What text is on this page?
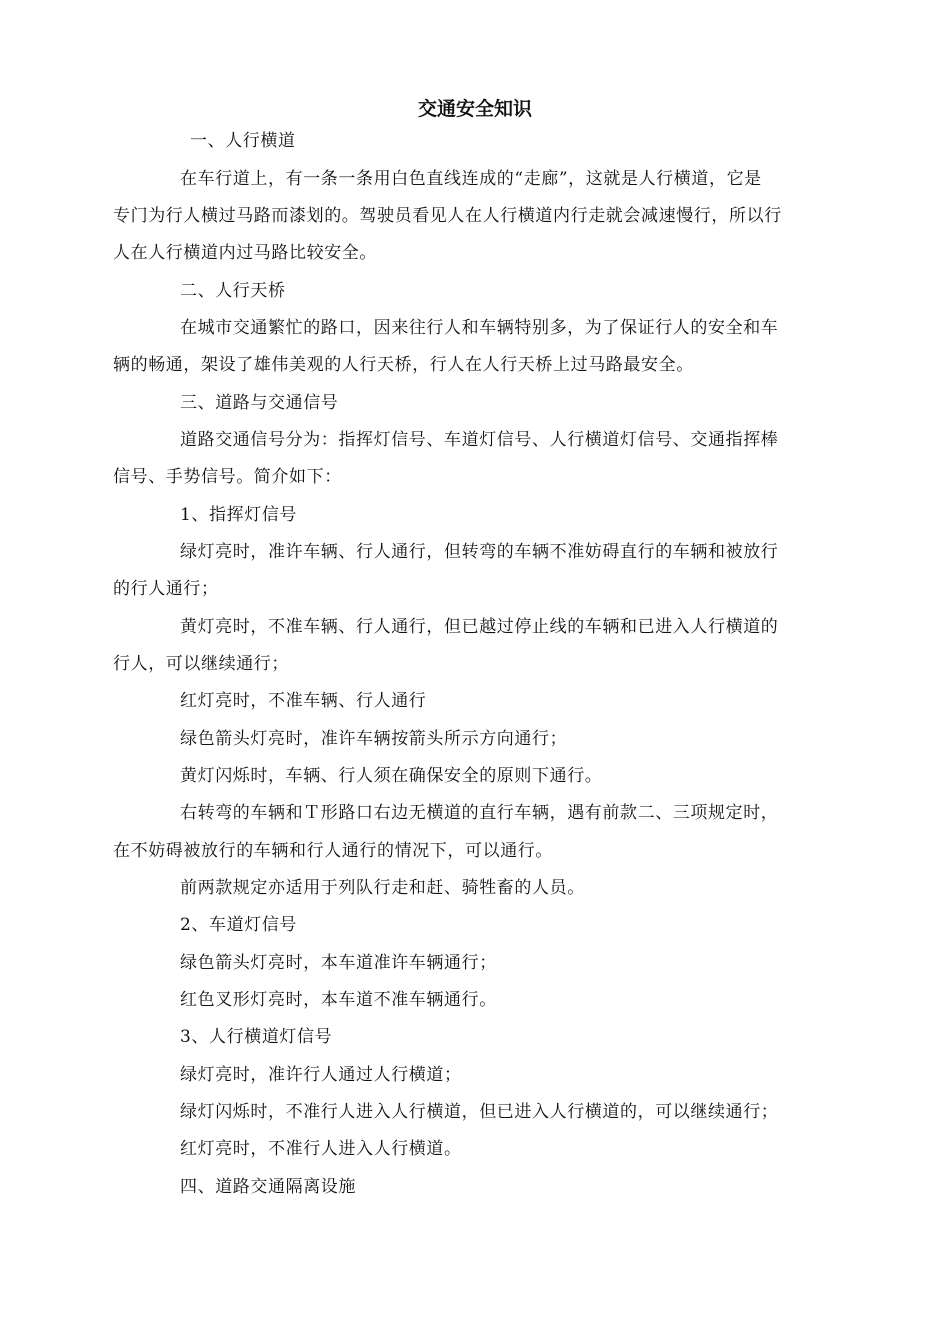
交通安全知识
一、人行横道
在车行道上，有一条一条用白色直线连成的“走廊”，这就是人行横道，它是
专门为行人横过马路而漆划的。驾驶员看见人在人行横道内行走就会减速慢行，所以行
人在人行横道内过马路比较安全。
二、人行天桥
在城市交通繁忙的路口，因来往行人和车辆特别多，为了保证行人的安全和车
辆的畅通，架设了雄伟美观的人行天桥，行人在人行天桥上过马路最安全。
三、道路与交通信号
道路交通信号分为：指挥灯信号、车道灯信号、人行横道灯信号、交通指挥棒
信号、手势信号。简介如下：
1、指挥灯信号
绿灯亮时，准许车辆、行人通行，但转弯的车辆不准妨碍直行的车辆和被放行
的行人通行；
黄灯亮时，不准车辆、行人通行，但已越过停止线的车辆和已进入人行横道的
行人，可以继续通行；
红灯亮时，不准车辆、行人通行
绿色箭头灯亮时，准许车辆按箭头所示方向通行；
黄灯闪烁时，车辆、行人须在确保安全的原则下通行。
右转弯的车辆和Ｔ形路口右边无横道的直行车辆，遇有前款二、三项规定时，
在不妨碍被放行的车辆和行人通行的情况下，可以通行。
前两款规定亦适用于列队行走和赶、骑牲畜的人员。
2、车道灯信号
绿色箭头灯亮时，本车道准许车辆通行；
红色叉形灯亮时，本车道不准车辆通行。
3、人行横道灯信号
绿灯亮时，准许行人通过人行横道；
绿灯闪烁时，不准行人进入人行横道，但已进入人行横道的，可以继续通行；
红灯亮时，不准行人进入人行横道。
四、道路交通隔离设施
